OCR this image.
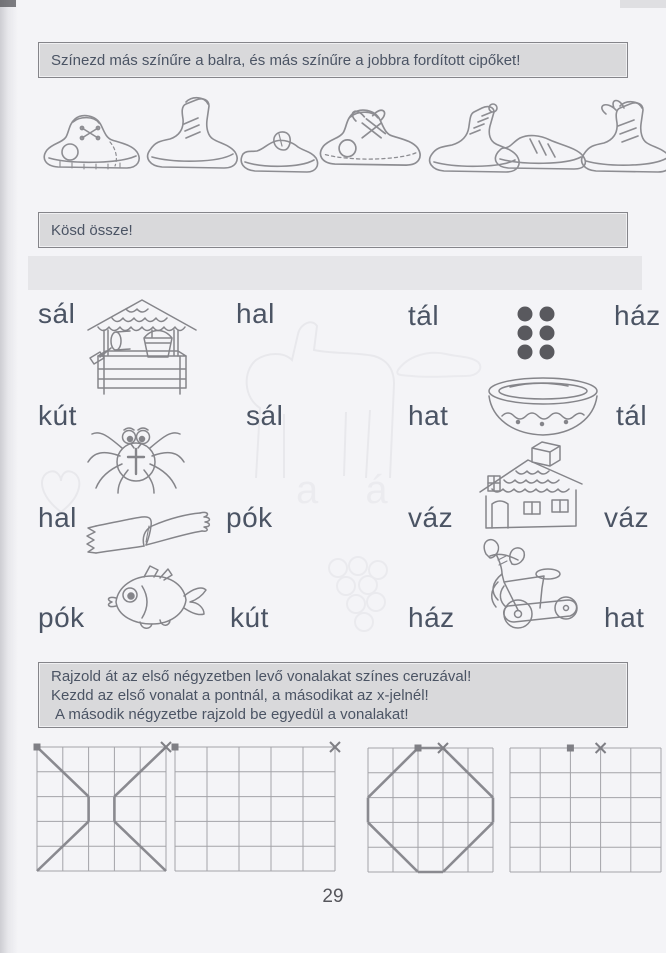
Színezd más színűre a balra, és más színűre a jobbra fordított cipőket!
Kösd össze!
a á
sál	hal
kút	sál
hal	pók
pók	kút
tál	ház
hat	tál
váz	váz
ház	hat
Rajzold át az első négyzetben levő vonalakat színes ceruzával!
Kezdd az első vonalat a pontnál, a másodikat az x-jelnél!
A második négyzetbe rajzold be egyedül a vonalakat!
29
